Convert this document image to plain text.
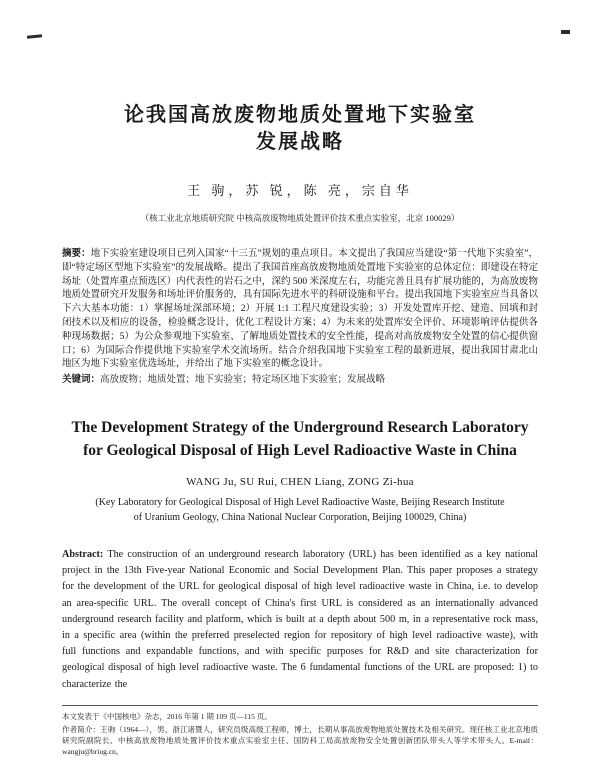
论我国高放废物地质处置地下实验室
发展战略

王 驹，苏 锐，陈 亮，宗自华

（核工业北京地质研究院 中核高放废物地质处置评价技术重点实验室，北京 100029）

摘要：地下实验室建设项目已列入国家“十三五”规划的重点项目。本文提出了我国应当建设“第一代地下实验室”，即“特定场区型地下实验室”的发展战略。提出了我国首座高放废物地质处置地下实验室的总体定位：即建设在特定场址（处置库重点预选区）内代表性的岩石之中，深约 500 米深度左右，功能完善且具有扩展功能的，为高放废物地质处置研究开发服务和场址评价服务的，具有国际先进水平的科研设施和平台。提出我国地下实验室应当具备以下六大基本功能：1）掌握场址深部环境；2）开展 1:1 工程尺度建设实验；3）开发处置库开挖、建造、回填和封闭技术以及相应的设备，检验概念设计，优化工程设计方案；4）为未来的处置库安全评价、环境影响评估提供各种现场数据；5）为公众参观地下实验室、了解地质处置技术的安全性能，提高对高放废物安全处置的信心提供窗口；6）为国际合作提供地下实验室学术交流场所。结合介绍我国地下实验室工程的最新进展，提出我国甘肃北山地区为地下实验室优选场址，并给出了地下实验室的概念设计。

关键词：高放废物；地质处置；地下实验室；特定场区地下实验室；发展战略

The Development Strategy of the Underground Research Laboratory
for Geological Disposal of High Level Radioactive Waste in China

WANG Ju, SU Rui, CHEN Liang, ZONG Zi-hua

(Key Laboratory for Geological Disposal of High Level Radioactive Waste, Beijing Research Institute
of Uranium Geology, China National Nuclear Corporation, Beijing 100029, China)

Abstract: The construction of an underground research laboratory (URL) has been identified as a key national project in the 13th Five-year National Economic and Social Development Plan. This paper proposes a strategy for the development of the URL for geological disposal of high level radioactive waste in China, i.e. to develop an area-specific URL. The overall concept of China's first URL is considered as an internationally advanced underground research facility and platform, which is built at a depth about 500 m, in a representative rock mass, in a specific area (within the preferred preselected region for repository of high level radioactive waste), with full functions and expandable functions, and with specific purposes for R&D and site characterization for geological disposal of high level radioactive waste. The 6 fundamental functions of the URL are proposed: 1) to characterize the

本文发表于《中国核电》杂志，2016 年第 1 期 109 页—115 页。

作者简介：王驹（1964—），男，浙江诸暨人，研究员级高级工程师，博士，长期从事高放废物地质处置技术及相关研究。现任核工业北京地质研究院副院长、中核高放废物地质处置评价技术重点实验室主任、国防科工局高放废物安全处置创新团队带头人等学术带头人。E-mail：wangju@briug.cn。
